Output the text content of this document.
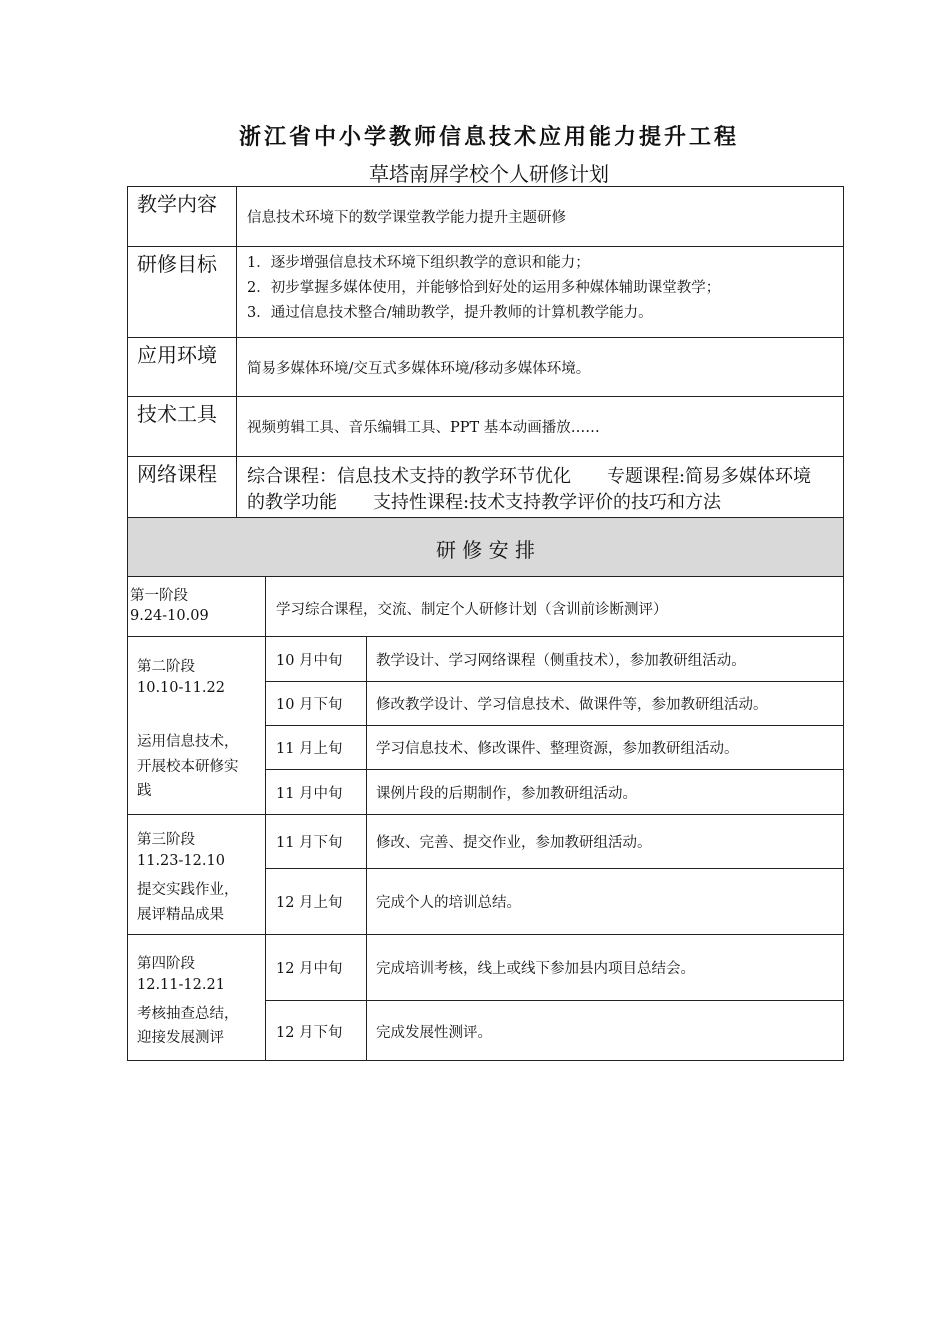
浙江省中小学教师信息技术应用能力提升工程
草塔南屏学校个人研修计划
教学内容
信息技术环境下的数学课堂教学能力提升主题研修
研修目标 1．逐步增强信息技术环境下组织教学的意识和能力；
2．初步掌握多媒体使用，并能够恰到好处的运用多种媒体辅助课堂教学；
3．通过信息技术整合/辅助教学，提升教师的计算机教学能力。
应用环境
简易多媒体环境/交互式多媒体环境/移动多媒体环境。
技术工具
视频剪辑工具、音乐编辑工具、PPT 基本动画播放……
网络课程 综合课程：信息技术支持的教学环节优化　　专题课程:简易多媒体环境
的教学功能　　支持性课程:技术支持教学评价的技巧和方法
研 修 安 排
第一阶段
9.24-10.09	学习综合课程，交流、制定个人研修计划（含训前诊断测评）
第二阶段
10.10-11.22
运用信息技术，
开展校本研修实
践
10 月中旬 教学设计、学习网络课程（侧重技术），参加教研组活动。
10 月下旬 修改教学设计、学习信息技术、做课件等，参加教研组活动。
11 月上旬 学习信息技术、修改课件、整理资源，参加教研组活动。
11 月中旬 课例片段的后期制作，参加教研组活动。
第三阶段
11.23-12.10
提交实践作业，
展评精品成果
11 月下旬 修改、完善、提交作业，参加教研组活动。
12 月上旬 完成个人的培训总结。
第四阶段
12.11-12.21
考核抽查总结，
迎接发展测评
12 月中旬 完成培训考核，线上或线下参加县内项目总结会。
12 月下旬 完成发展性测评。
